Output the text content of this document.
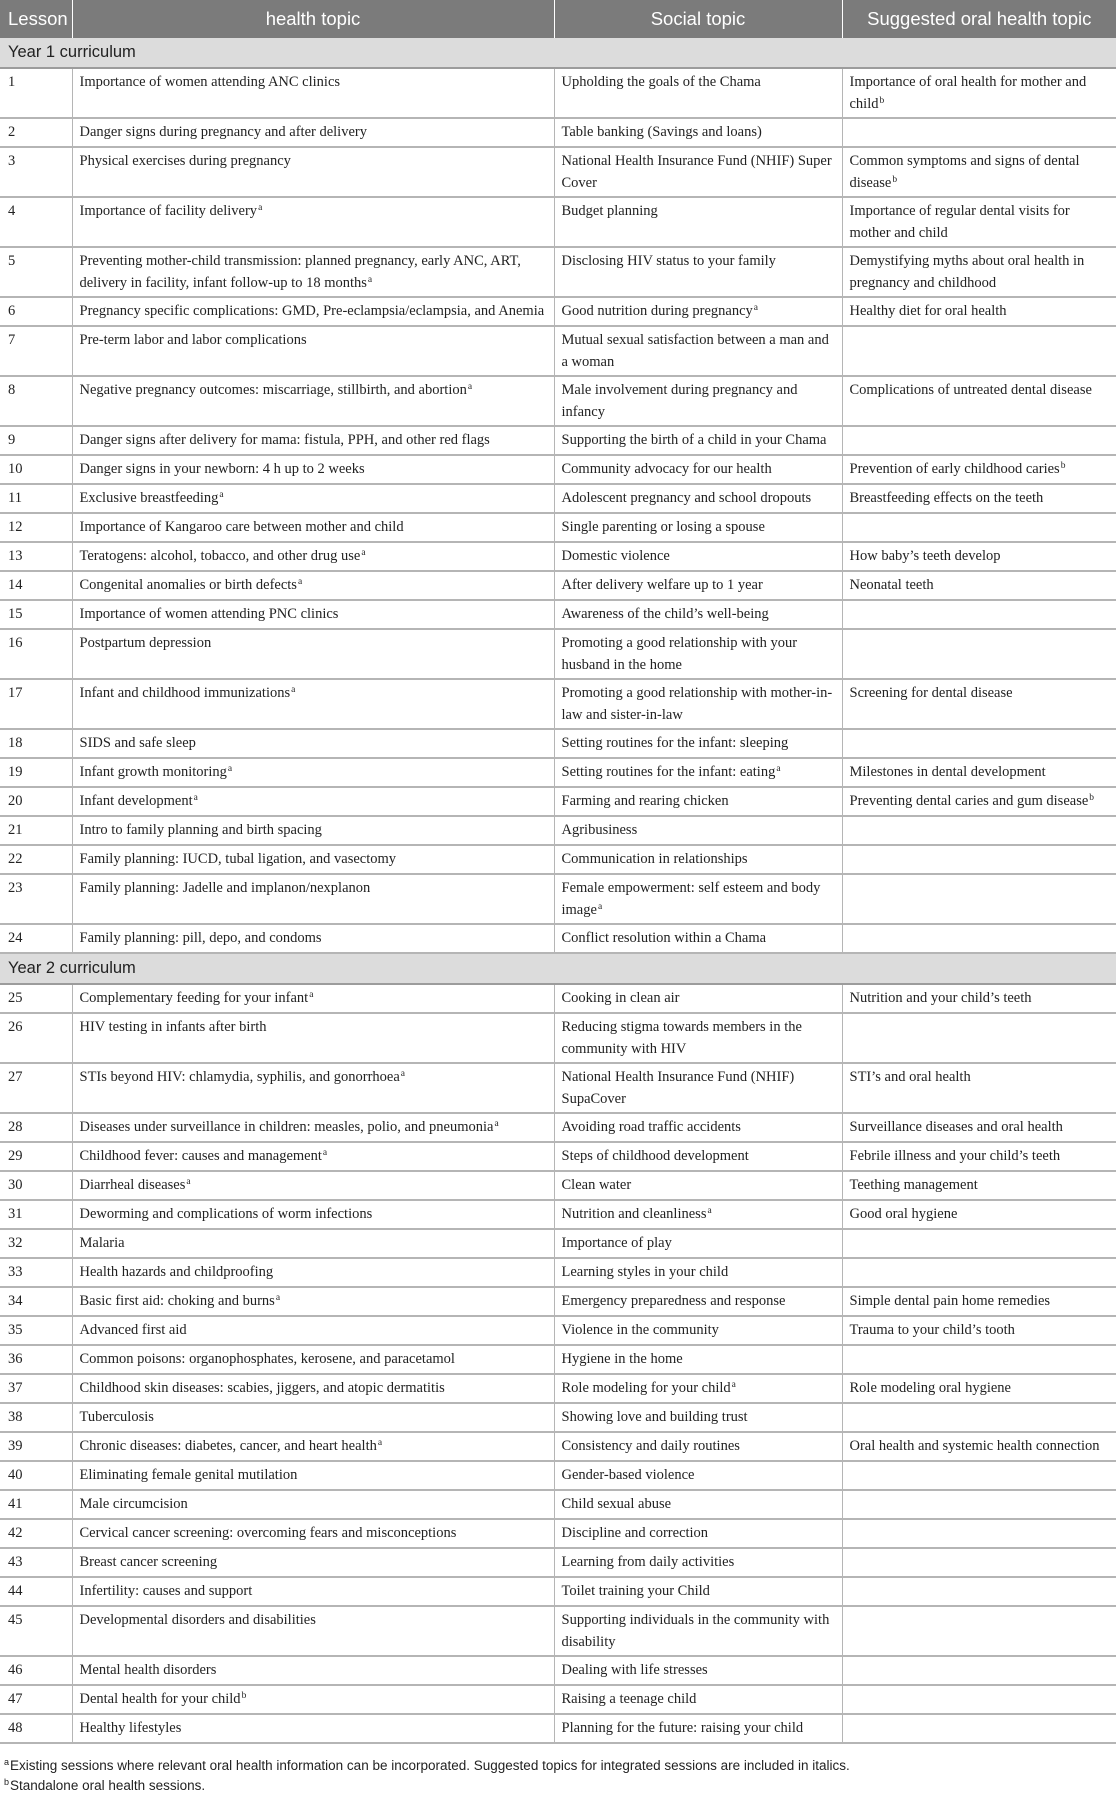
Lesson	health topic	Social topic	Suggested oral health topic
Year 1 curriculum			
1	Importance of women attending ANC clinics	Upholding the goals of the Chama	Importance of oral health for mother and child$^b$
2	Danger signs during pregnancy and after delivery	Table banking (Savings and loans)	
3	Physical exercises during pregnancy	National Health Insurance Fund (NHIF) Super Cover	Common symptoms and signs of dental disease$^b$
4	Importance of facility delivery$^a$	Budget planning	Importance of regular dental visits for mother and child
5	Preventing mother-child transmission: planned pregnancy, early ANC, ART, delivery in facility, infant follow-up to 18 months$^a$	Disclosing HIV status to your family	Demystifying myths about oral health in pregnancy and childhood
6	Pregnancy specific complications: GMD, Pre-eclampsia/eclampsia, and Anemia	Good nutrition during pregnancy$^a$	Healthy diet for oral health
7	Pre-term labor and labor complications	Mutual sexual satisfaction between a man and a woman	
8	Negative pregnancy outcomes: miscarriage, stillbirth, and abortion$^a$	Male involvement during pregnancy and infancy	Complications of untreated dental disease
9	Danger signs after delivery for mama: fistula, PPH, and other red flags	Supporting the birth of a child in your Chama	
10	Danger signs in your newborn: 4 h up to 2 weeks	Community advocacy for our health	Prevention of early childhood caries$^b$
11	Exclusive breastfeeding$^a$	Adolescent pregnancy and school dropouts	Breastfeeding effects on the teeth
12	Importance of Kangaroo care between mother and child	Single parenting or losing a spouse	
13	Teratogens: alcohol, tobacco, and other drug use$^a$	Domestic violence	How baby’s teeth develop
14	Congenital anomalies or birth defects$^a$	After delivery welfare up to 1 year	Neonatal teeth
15	Importance of women attending PNC clinics	Awareness of the child’s well-being	
16	Postpartum depression	Promoting a good relationship with your husband in the home	
17	Infant and childhood immunizations$^a$	Promoting a good relationship with mother-in-law and sister-in-law	Screening for dental disease
18	SIDS and safe sleep	Setting routines for the infant: sleeping	
19	Infant growth monitoring$^a$	Setting routines for the infant: eating$^a$	Milestones in dental development
20	Infant development$^a$	Farming and rearing chicken	Preventing dental caries and gum disease$^b$
21	Intro to family planning and birth spacing	Agribusiness	
22	Family planning: IUCD, tubal ligation, and vasectomy	Communication in relationships	
23	Family planning: Jadelle and implanon/nexplanon	Female empowerment: self esteem and body image$^a$	
24	Family planning: pill, depo, and condoms	Conflict resolution within a Chama	
Year 2 curriculum			
25	Complementary feeding for your infant$^a$	Cooking in clean air	Nutrition and your child’s teeth
26	HIV testing in infants after birth	Reducing stigma towards members in the community with HIV	
27	STIs beyond HIV: chlamydia, syphilis, and gonorrhoea$^a$	National Health Insurance Fund (NHIF) SupaCover	STI’s and oral health
28	Diseases under surveillance in children: measles, polio, and pneumonia$^a$	Avoiding road traffic accidents	Surveillance diseases and oral health
29	Childhood fever: causes and management$^a$	Steps of childhood development	Febrile illness and your child’s teeth
30	Diarrheal diseases$^a$	Clean water	Teething management
31	Deworming and complications of worm infections	Nutrition and cleanliness$^a$	Good oral hygiene
32	Malaria	Importance of play	
33	Health hazards and childproofing	Learning styles in your child	
34	Basic first aid: choking and burns$^a$	Emergency preparedness and response	Simple dental pain home remedies
35	Advanced first aid	Violence in the community	Trauma to your child’s tooth
36	Common poisons: organophosphates, kerosene, and paracetamol	Hygiene in the home	
37	Childhood skin diseases: scabies, jiggers, and atopic dermatitis	Role modeling for your child$^a$	Role modeling oral hygiene
38	Tuberculosis	Showing love and building trust	
39	Chronic diseases: diabetes, cancer, and heart health$^a$	Consistency and daily routines	Oral health and systemic health connection
40	Eliminating female genital mutilation	Gender-based violence	
41	Male circumcision	Child sexual abuse	
42	Cervical cancer screening: overcoming fears and misconceptions	Discipline and correction	
43	Breast cancer screening	Learning from daily activities	
44	Infertility: causes and support	Toilet training your Child	
45	Developmental disorders and disabilities	Supporting individuals in the community with disability	
46	Mental health disorders	Dealing with life stresses	
47	Dental health for your child$^b$	Raising a teenage child	
48	Healthy lifestyles	Planning for the future: raising your child	
$^a$Existing sessions where relevant oral health information can be incorporated. Suggested topics for integrated sessions are included in italics.
$^b$Standalone oral health sessions.
